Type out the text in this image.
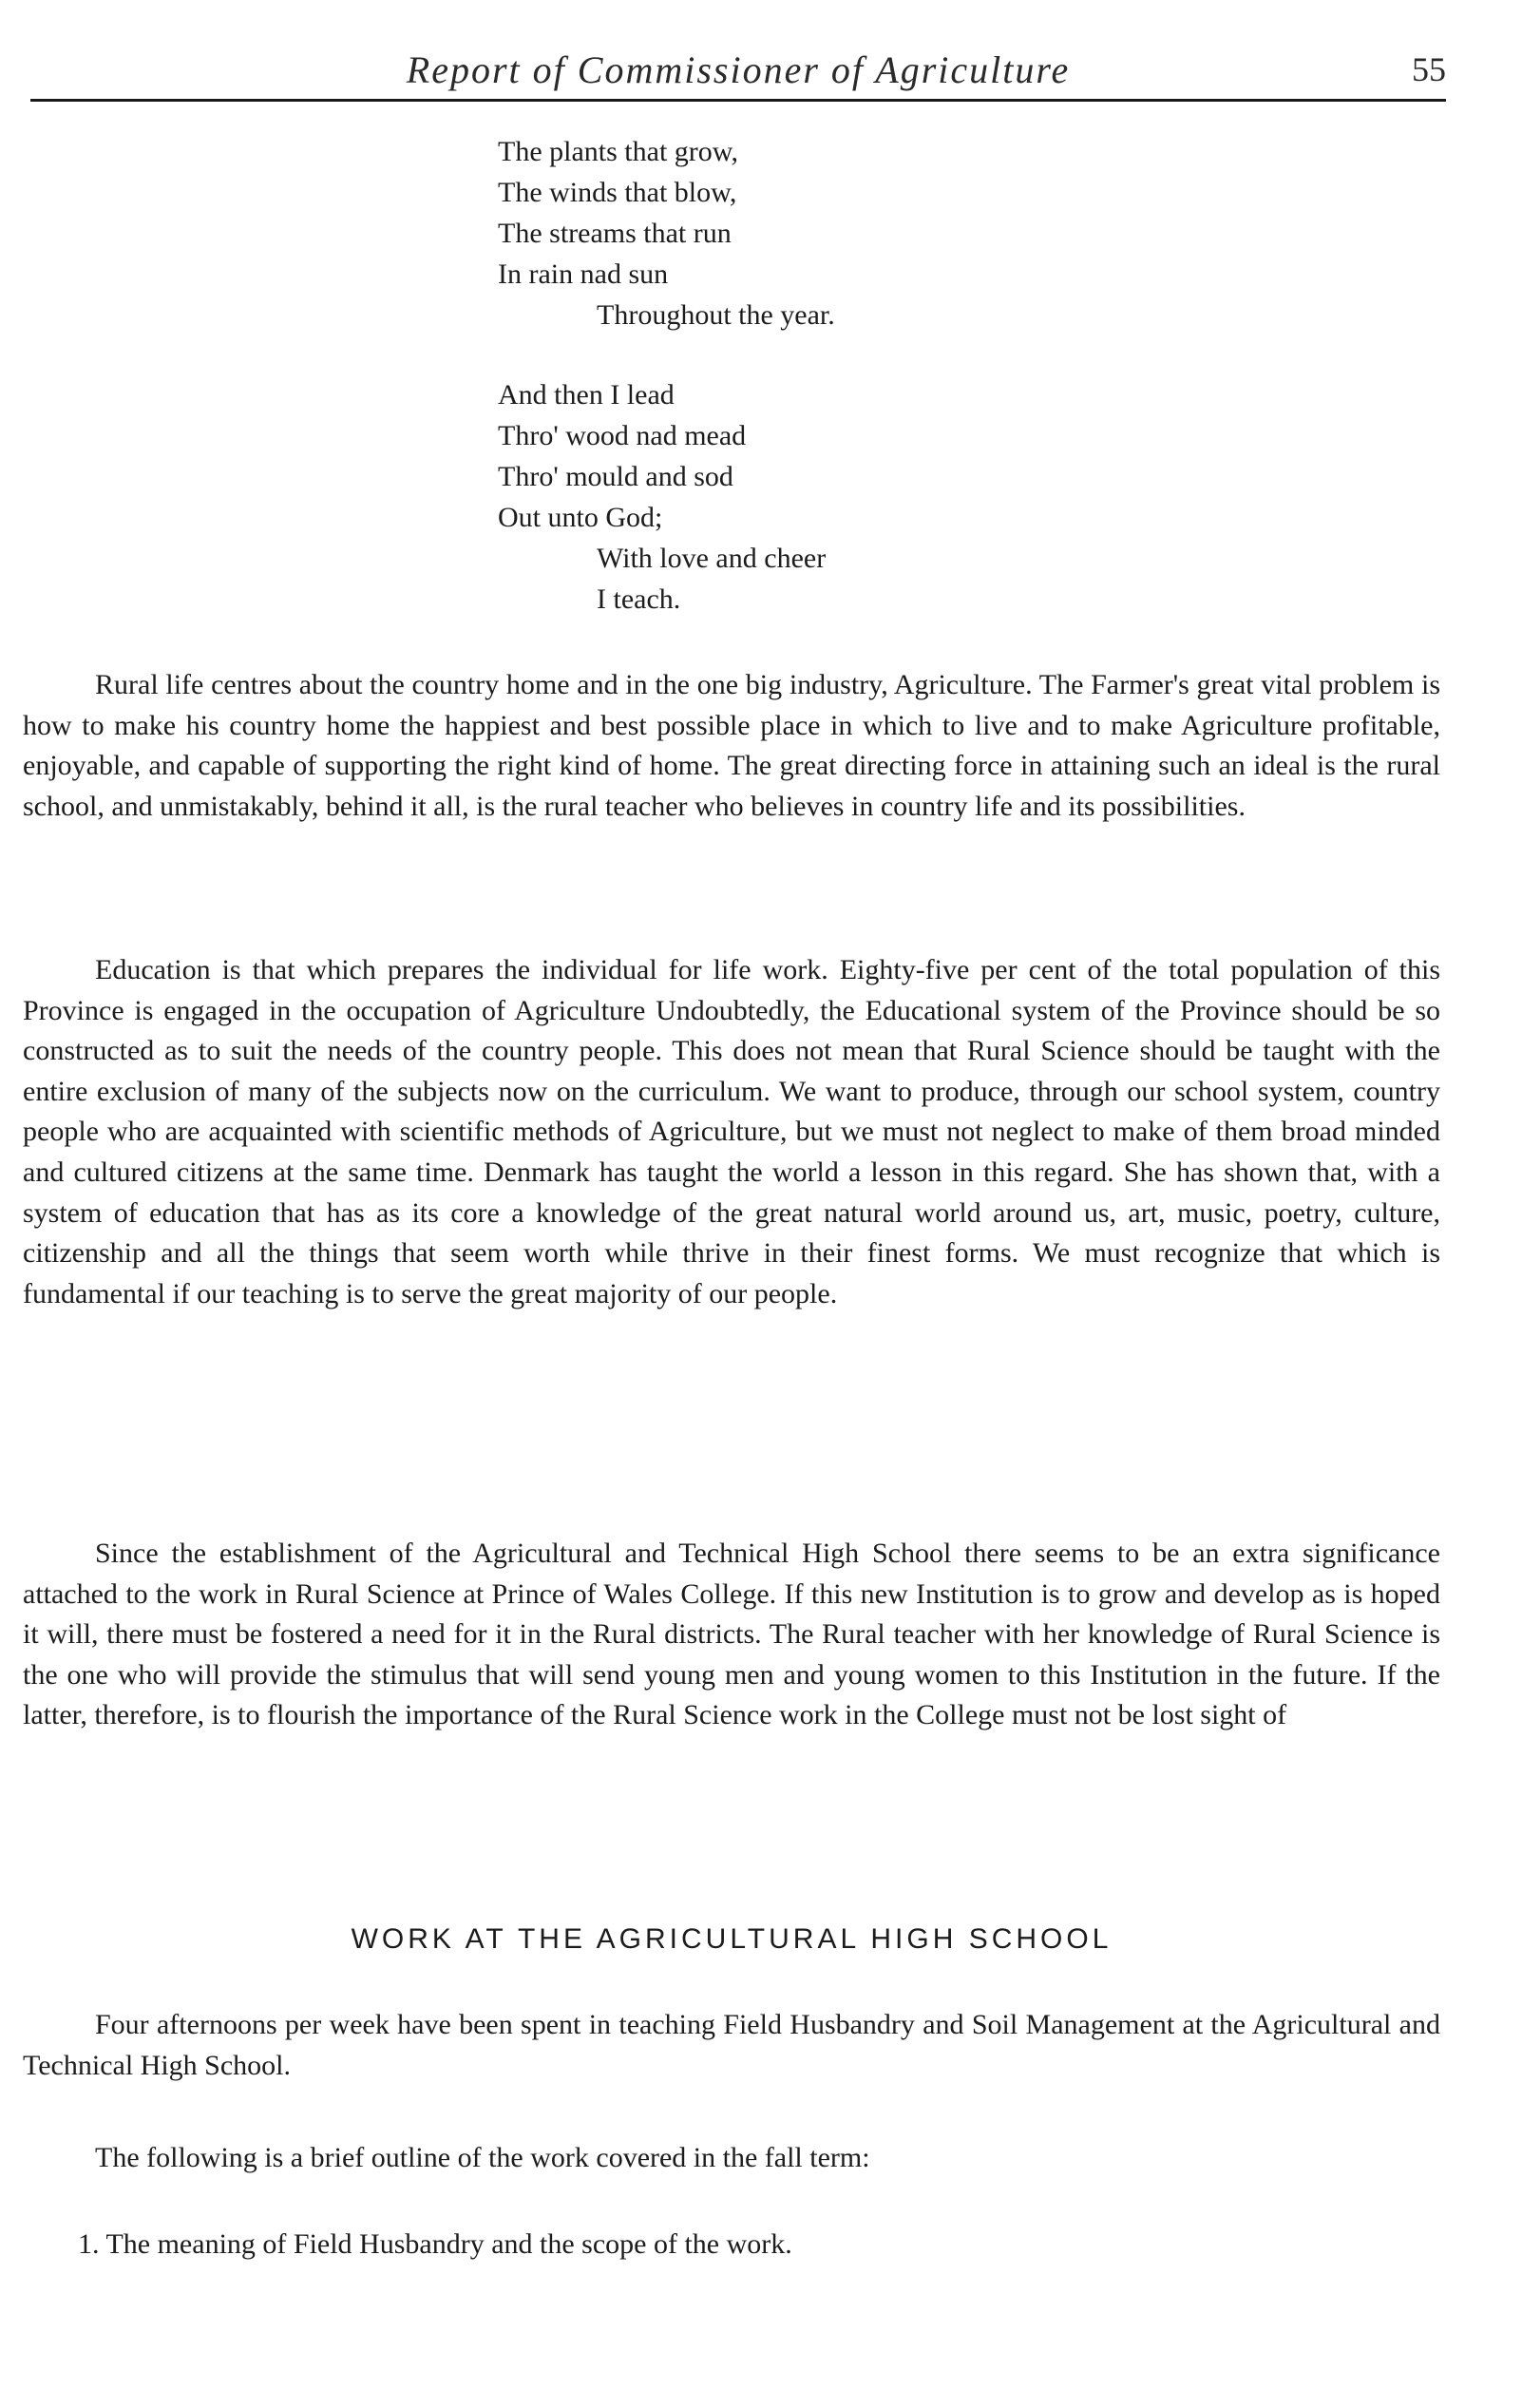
Report of Commissioner of Agriculture	55
The plants that grow,
The winds that blow,
The streams that run
In rain nad sun
Throughout the year.
And then I lead
Thro' wood nad mead
Thro' mould and sod
Out unto God;
With love and cheer
I teach.

Rural life centres about the country home and in the one big industry, Agriculture. The Farmer's great vital problem is how to make his country home the happiest and best possible place in which to live and to make Agriculture profitable, enjoyable, and capable of supporting the right kind of home. The great directing force in attaining such an ideal is the rural school, and unmistakably, behind it all, is the rural teacher who believes in country life and its possibilities.

Education is that which prepares the individual for life work. Eighty-five per cent of the total population of this Province is engaged in the occupation of Agriculture Undoubtedly, the Educational system of the Province should be so constructed as to suit the needs of the country people. This does not mean that Rural Science should be taught with the entire exclusion of many of the subjects now on the curriculum. We want to produce, through our school system, country people who are acquainted with scientific methods of Agriculture, but we must not neglect to make of them broad minded and cultured citizens at the same time. Denmark has taught the world a lesson in this regard. She has shown that, with a system of education that has as its core a knowledge of the great natural world around us, art, music, poetry, culture, citizenship and all the things that seem worth while thrive in their finest forms. We must recognize that which is fundamental if our teaching is to serve the great majority of our people.

Since the establishment of the Agricultural and Technical High School there seems to be an extra significance attached to the work in Rural Science at Prince of Wales College. If this new Institution is to grow and develop as is hoped it will, there must be fostered a need for it in the Rural districts. The Rural teacher with her knowledge of Rural Science is the one who will provide the stimulus that will send young men and young women to this Institution in the future. If the latter, therefore, is to flourish the importance of the Rural Science work in the College must not be lost sight of

WORK AT THE AGRICULTURAL HIGH SCHOOL

Four afternoons per week have been spent in teaching Field Husbandry and Soil Management at the Agricultural and Technical High School.

The following is a brief outline of the work covered in the fall term:

1. The meaning of Field Husbandry and the scope of the work.
